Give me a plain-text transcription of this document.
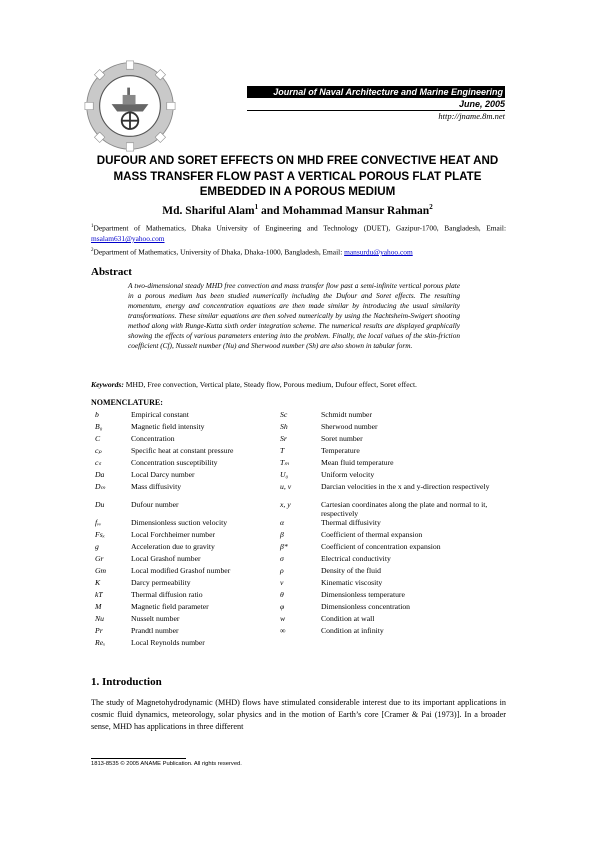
Journal of Naval Architecture and Marine Engineering
June, 2005
http://jname.8m.net
DUFOUR AND SORET EFFECTS ON MHD FREE CONVECTIVE HEAT AND MASS TRANSFER FLOW PAST A VERTICAL POROUS FLAT PLATE EMBEDDED IN A POROUS MEDIUM
Md. Shariful Alam$^1$ and Mohammad Mansur Rahman$^2$
$^1$Department of Mathematics, Dhaka University of Engineering and Technology (DUET), Gazipur-1700, Bangladesh, Email: msalam631@yahoo.com
$^2$Department of Mathematics, University of Dhaka, Dhaka-1000, Bangladesh, Email: mansurdu@yahoo.com
Abstract

A two-dimensional steady MHD free convection and mass transfer flow past a semi-infinite vertical porous plate in a porous medium has been studied numerically including the Dufour and Soret effects. The resulting momentum, energy and concentration equations are then made similar by introducing the usual similarity transformations. These similar equations are then solved numerically by using the Nachtsheim-Swigert shooting method along with Runge-Kutta sixth order integration scheme. The numerical results are displayed graphically showing the effects of various parameters entering into the problem. Finally, the local values of the skin-friction coefficient (Cf), Nusselt number (Nu) and Sherwood number (Sh) are also shown in tabular form.

Keywords: MHD, Free convection, Vertical plate, Steady flow, Porous medium, Dufour effect, Soret effect.

NOMENCLATURE:
b	Empirical constant	Sc	Schmidt number
B₀	Magnetic field intensity	Sh	Sherwood number
C	Concentration	Sr	Soret number
cₚ	Specific heat at constant pressure	T	Temperature
cₛ	Concentration susceptibility	Tₘ	Mean fluid temperature
Da	Local Darcy number	U₀	Uniform velocity
Dₘ	Mass diffusivity	u, v	Darcian velocities in the x and y-direction respectively
Du	Dufour number	x, y	Cartesian coordinates along the plate and normal to it, respectively
fᵥᵥ	Dimensionless suction velocity	α	Thermal diffusivity
Fsₓ	Local Forchheimer number	β	Coefficient of thermal expansion
g	Acceleration due to gravity	β*	Coefficient of concentration expansion
Gr	Local Grashof number	σ	Electrical conductivity
Gm	Local modified Grashof number	ρ	Density of the fluid
K	Darcy permeability	ν	Kinematic viscosity
kT	Thermal diffusion ratio	θ	Dimensionless temperature
M	Magnetic field parameter	φ	Dimensionless concentration
Nu	Nusselt number	w	Condition at wall
Pr	Prandtl number	∞	Condition at infinity
Reₓ	Local Reynolds number
1. Introduction

The study of Magnetohydrodynamic (MHD) flows have stimulated considerable interest due to its important applications in cosmic fluid dynamics, meteorology, solar physics and in the motion of Earth’s core [Cramer & Pai (1973)]. In a broader sense, MHD has applications in three different

1813-8535 © 2005 ANAME Publication. All rights reserved.
